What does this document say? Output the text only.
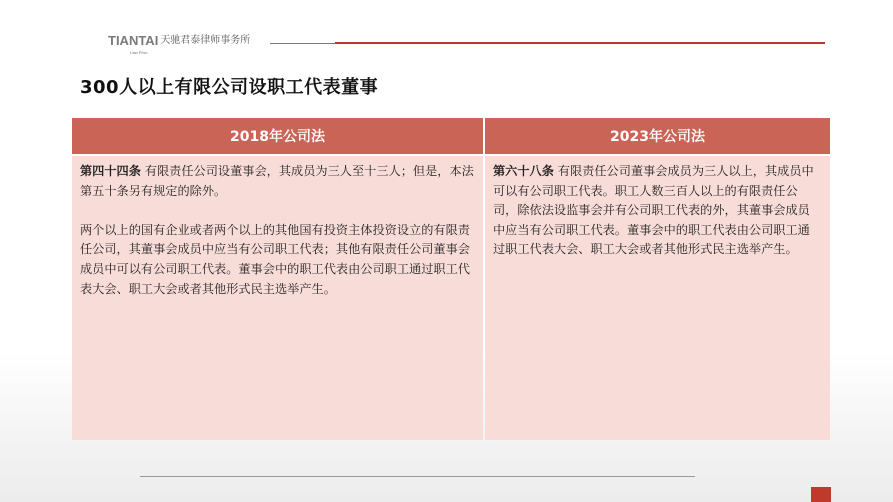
TIANTAI
Law Firm
天驰君泰律师事务所
300人以上有限公司设职工代表董事
2018年公司法	2023年公司法

第四十四条 有限责任公司设董事会，其成员为三人至十三人；但是，本法第五十条另有规定的除外。

两个以上的国有企业或者两个以上的其他国有投资主体投资设立的有限责任公司，其董事会成员中应当有公司职工代表；其他有限责任公司董事会成员中可以有公司职工代表。董事会中的职工代表由公司职工通过职工代表大会、职工大会或者其他形式民主选举产生。

第六十八条 有限责任公司董事会成员为三人以上，其成员中可以有公司职工代表。职工人数三百人以上的有限责任公司，除依法设监事会并有公司职工代表的外，其董事会成员中应当有公司职工代表。董事会中的职工代表由公司职工通过职工代表大会、职工大会或者其他形式民主选举产生。
